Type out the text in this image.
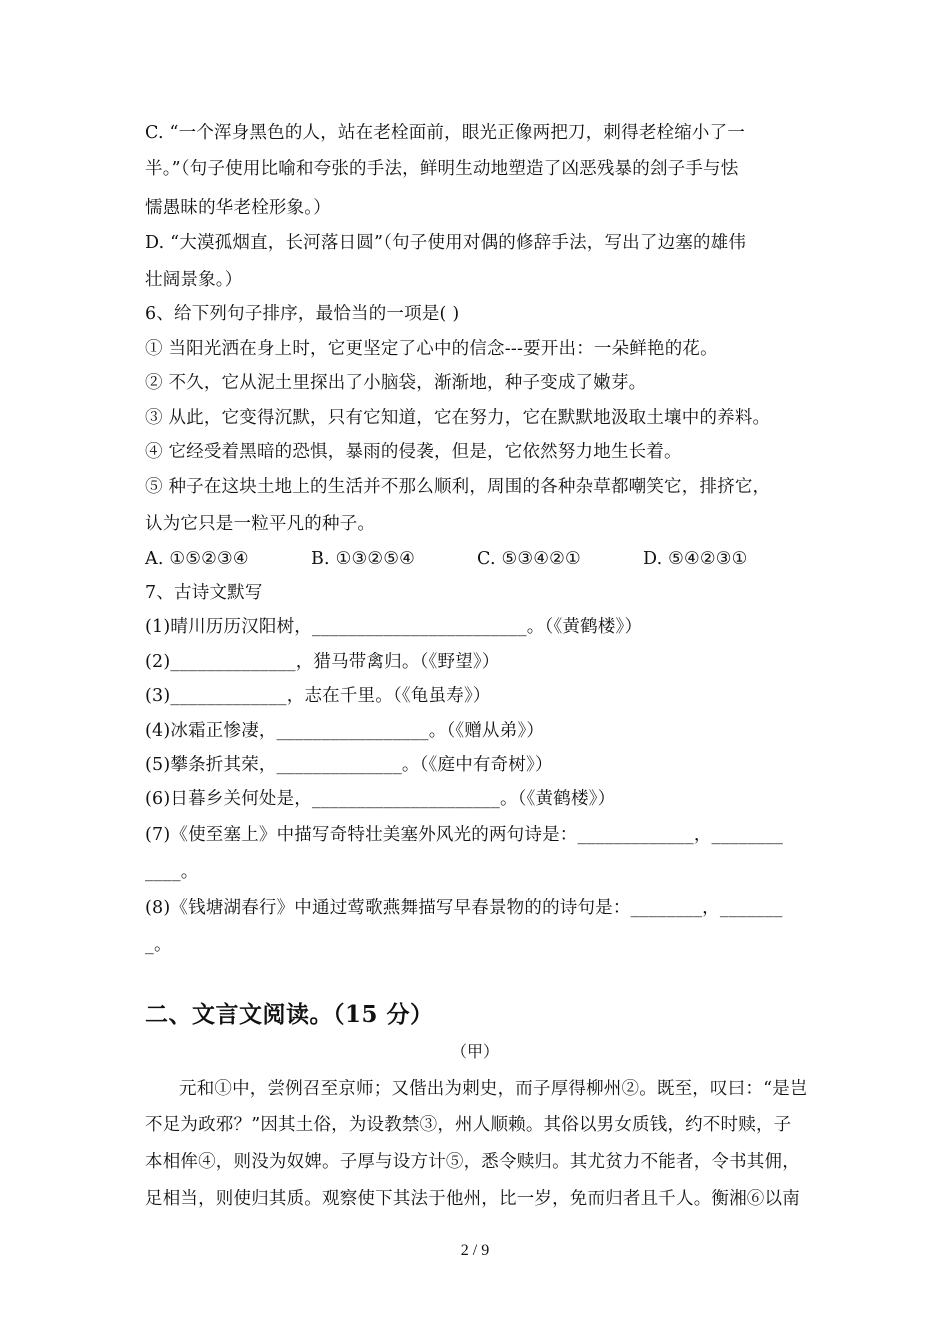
C. “一个浑身黑色的人，站在老栓面前，眼光正像两把刀，刺得老栓缩小了一
半。”（句子使用比喻和夸张的手法，鲜明生动地塑造了凶恶残暴的刽子手与怯
懦愚昧的华老栓形象。）
D. “大漠孤烟直，长河落日圆”（句子使用对偶的修辞手法，写出了边塞的雄伟
壮阔景象。）
6、给下列句子排序，最恰当的一项是( )
① 当阳光洒在身上时，它更坚定了心中的信念---要开出：一朵鲜艳的花。
② 不久，它从泥土里探出了小脑袋，渐渐地，种子变成了嫩芽。
③ 从此，它变得沉默，只有它知道，它在努力，它在默默地汲取土壤中的养料。
④ 它经受着黑暗的恐惧，暴雨的侵袭，但是，它依然努力地生长着。
⑤ 种子在这块土地上的生活并不那么顺利，周围的各种杂草都嘲笑它，排挤它，
认为它只是一粒平凡的种子。
A. ①⑤②③④	B. ①③②⑤④	C. ⑤③④②①	D. ⑤④②③①
7、古诗文默写
(1)晴川历历汉阳树，________________________。（《黄鹤楼》）
(2)______________，猎马带禽归。（《野望》）
(3)_____________，志在千里。（《龟虽寿》）
(4)冰霜正惨凄，_________________。（《赠从弟》）
(5)攀条折其荣，______________。（《庭中有奇树》）
(6)日暮乡关何处是，_____________________。（《黄鹤楼》）
(7)《使至塞上》中描写奇特壮美塞外风光的两句诗是：_____________，________
____。
(8)《钱塘湖春行》中通过莺歌燕舞描写早春景物的的诗句是：________，_______
_。
二、文言文阅读。（15 分）
（甲）
元和①中，尝例召至京师；又偕出为刺史，而子厚得柳州②。既至，叹曰：“是岂
不足为政邪？”因其土俗，为设教禁③，州人顺赖。其俗以男女质钱，约不时赎，子
本相侔④，则没为奴婢。子厚与设方计⑤，悉令赎归。其尤贫力不能者，令书其佣，
足相当，则使归其质。观察使下其法于他州，比一岁，免而归者且千人。衡湘⑥以南
2 / 9
